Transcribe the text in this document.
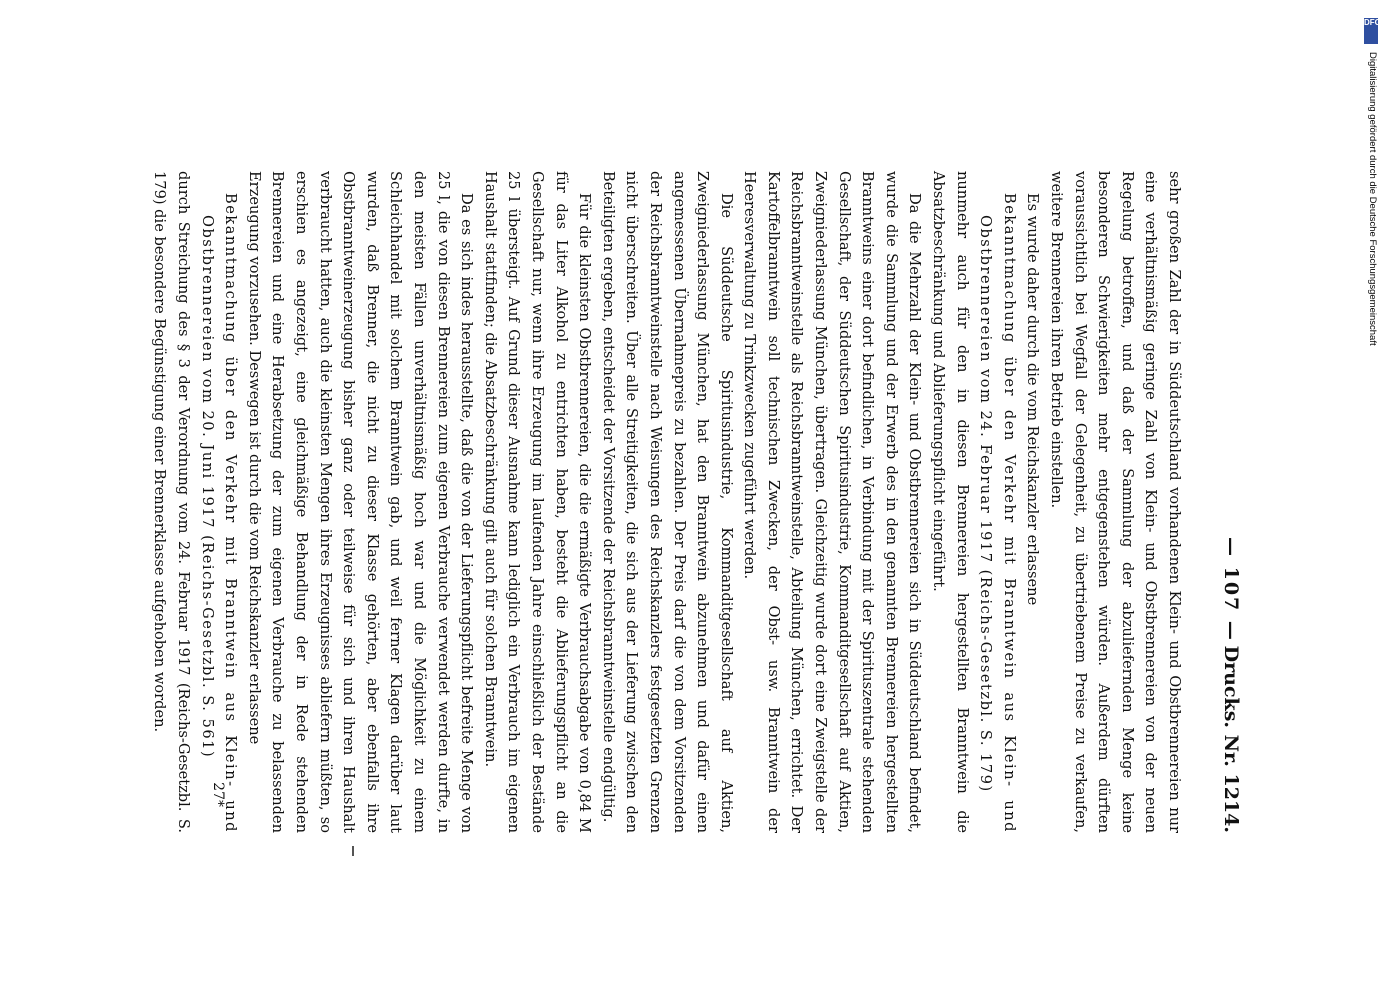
— 107 —
Drucks. Nr. 1214.

sehr großen Zahl der in Süddeutschland vorhandenen Klein- und Obstbrennereien nur eine verhältnismäßig geringe Zahl von Klein- und Obstbrennereien von der neuen Regelung betroffen, und daß der Sammlung der abzuliefernden Menge keine besonderen Schwierigkeiten mehr entgegenstehen würden. Außerdem dürften voraussichtlich bei Wegfall der Gelegenheit, zu übertriebenem Preise zu verkaufen, weitere Brennereien ihren Betrieb einstellen.

Es wurde daher durch die vom Reichskanzler erlassene

Bekanntmachung über den Verkehr mit Branntwein aus Klein- und Obstbrennereien vom 24. Februar 1917 (Reichs-Gesetzbl. S. 179)

nunmehr auch für den in diesen Brennereien hergestellten Branntwein die Absatzbeschränkung und Ablieferungspflicht eingeführt.

Da die Mehrzahl der Klein- und Obstbrennereien sich in Süddeutschland befindet, wurde die Sammlung und der Erwerb des in den genannten Brennereien hergestellten Branntweins einer dort befindlichen, in Verbindung mit der Spirituszentrale stehenden Gesellschaft, der Süddeutschen Spiritusindustrie, Kommanditgesellschaft auf Aktien, Zweigniederlassung München, übertragen. Gleichzeitig wurde dort eine Zweigstelle der Reichsbranntweinstelle als Reichsbranntweinstelle, Abteilung München, errichtet. Der Kartoffelbranntwein soll technischen Zwecken, der Obst- usw. Branntwein der Heeresverwaltung zu Trinkzwecken zugeführt werden.

Die Süddeutsche Spiritusindustrie, Kommanditgesellschaft auf Aktien, Zweigniederlassung München, hat den Branntwein abzunehmen und dafür einen angemessenen Übernahmepreis zu bezahlen. Der Preis darf die von dem Vorsitzenden der Reichsbranntweinstelle nach Weisungen des Reichskanzlers festgesetzten Grenzen nicht überschreiten. Über alle Streitigkeiten, die sich aus der Lieferung zwischen den Beteiligten ergeben, entscheidet der Vorsitzende der Reichsbranntweinstelle endgültig.

Für die kleinsten Obstbrennereien, die die ermäßigte Verbrauchsabgabe von 0,84 M für das Liter Alkohol zu entrichten haben, besteht die Ablieferungspflicht an die Gesellschaft nur, wenn ihre Erzeugung im laufenden Jahre einschließlich der Bestände 25 l übersteigt. Auf Grund dieser Ausnahme kann lediglich ein Verbrauch im eigenen Haushalt stattfinden; die Absatzbeschränkung gilt auch für solchen Branntwein.

Da es sich indes herausstellte, daß die von der Lieferungspflicht befreite Menge von 25 l, die von diesen Brennereien zum eigenen Verbrauche verwendet werden durfte, in den meisten Fällen unverhältnismäßig hoch war und die Möglichkeit zu einem Schleichhandel mit solchem Branntwein gab, und weil ferner Klagen darüber laut wurden, daß Brenner, die nicht zu dieser Klasse gehörten, aber ebenfalls ihre Obstbranntweinerzeugung bisher ganz oder teilweise für sich und ihren Haushalt verbraucht hatten, auch die kleinsten Mengen ihres Erzeugnisses abliefern müßten, so erschien es angezeigt, eine gleichmäßige Behandlung der in Rede stehenden Brennereien und eine Herabsetzung der zum eigenen Verbrauche zu belassenden Erzeugung vorzusehen. Deswegen ist durch die vom Reichskanzler erlassene

Bekanntmachung über den Verkehr mit Branntwein aus Klein- und Obstbrennereien vom 20. Juni 1917 (Reichs-Gesetzbl. S. 561)

durch Streichung des § 3 der Verordnung vom 24. Februar 1917 (Reichs-Gesetzbl. S. 179) die besondere Begünstigung einer Brennerklasse aufgehoben worden.

27*
DFG
Digitalisierung gefördert durch die Deutsche Forschungsgemeinschaft
